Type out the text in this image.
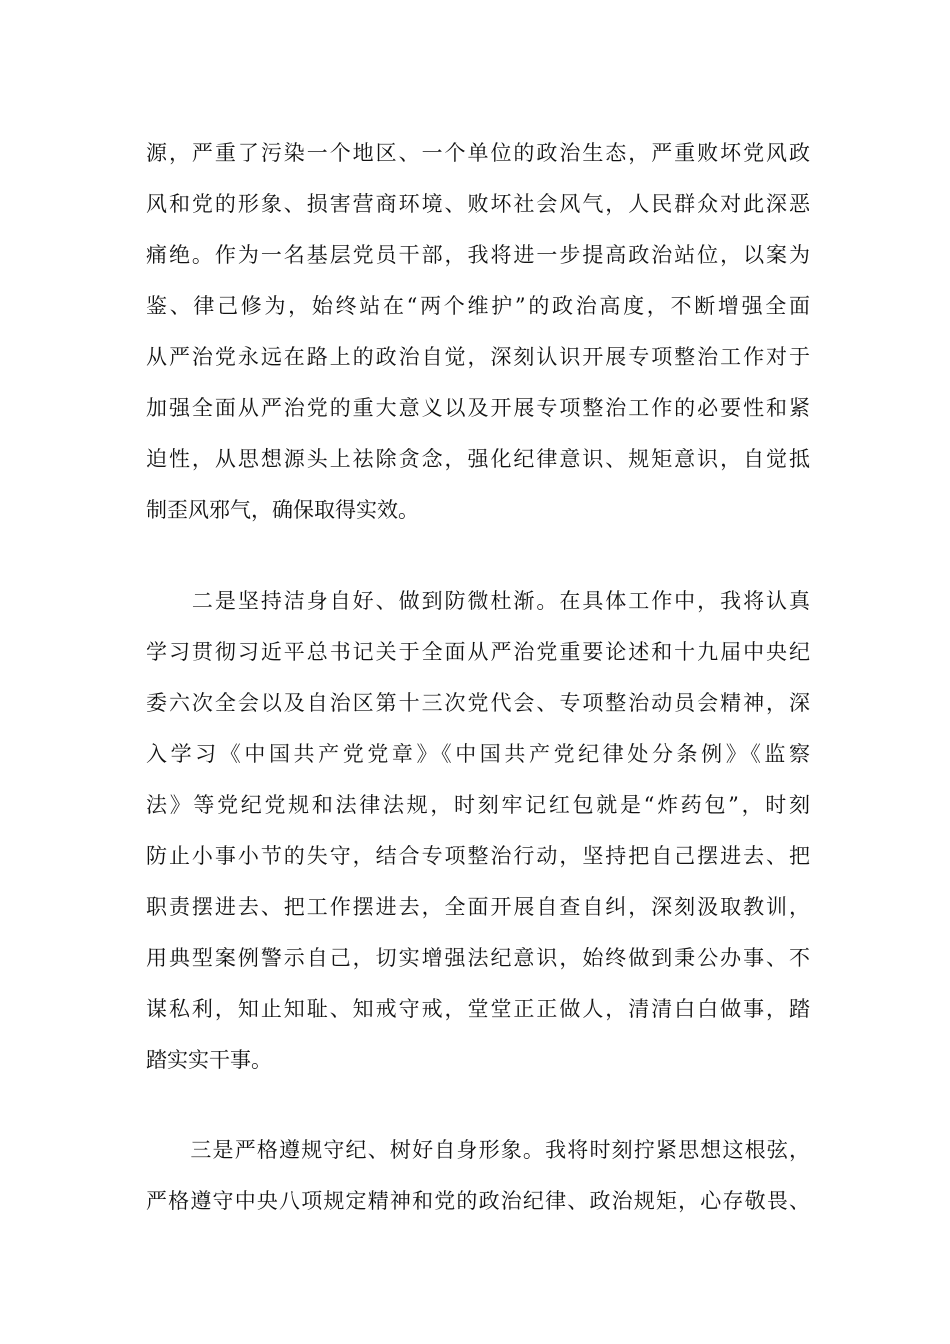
源，严重了污染一个地区、一个单位的政治生态，严重败坏党风政
风和党的形象、损害营商环境、败坏社会风气，人民群众对此深恶
痛绝。作为一名基层党员干部，我将进一步提高政治站位，以案为
鉴、律己修为，始终站在“两个维护”的政治高度，不断增强全面
从严治党永远在路上的政治自觉，深刻认识开展专项整治工作对于
加强全面从严治党的重大意义以及开展专项整治工作的必要性和紧
迫性，从思想源头上祛除贪念，强化纪律意识、规矩意识，自觉抵
制歪风邪气，确保取得实效。
　　二是坚持洁身自好、做到防微杜渐。在具体工作中，我将认真
学习贯彻习近平总书记关于全面从严治党重要论述和十九届中央纪
委六次全会以及自治区第十三次党代会、专项整治动员会精神，深
入学习《中国共产党党章》《中国共产党纪律处分条例》《监察
法》等党纪党规和法律法规，时刻牢记红包就是“炸药包”，时刻
防止小事小节的失守，结合专项整治行动，坚持把自己摆进去、把
职责摆进去、把工作摆进去，全面开展自查自纠，深刻汲取教训，
用典型案例警示自己，切实增强法纪意识，始终做到秉公办事、不
谋私利，知止知耻、知戒守戒，堂堂正正做人，清清白白做事，踏
踏实实干事。
　　三是严格遵规守纪、树好自身形象。我将时刻拧紧思想这根弦，
严格遵守中央八项规定精神和党的政治纪律、政治规矩，心存敬畏、
